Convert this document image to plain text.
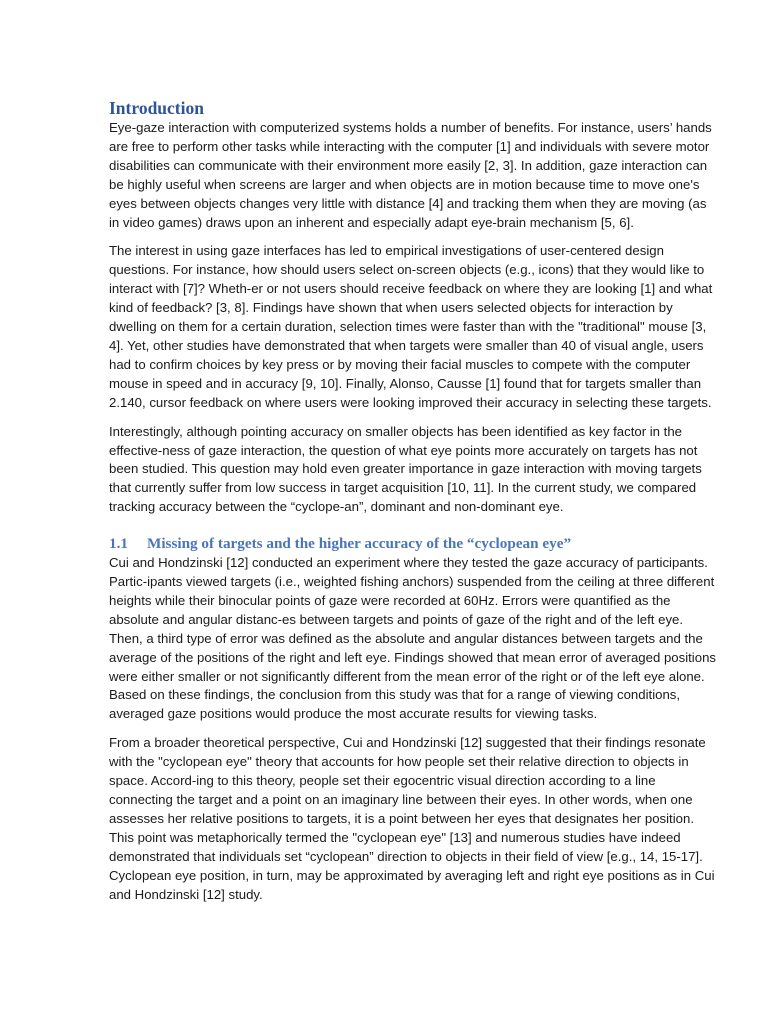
Introduction

Eye-gaze interaction with computerized systems holds a number of benefits. For instance, users’ hands are free to perform other tasks while interacting with the computer [1] and individuals with severe motor disabilities can communicate with their environment more easily [2, 3]. In addition, gaze interaction can be highly useful when screens are larger and when objects are in motion because time to move one's eyes between objects changes very little with distance [4] and tracking them when they are moving (as in video games) draws upon an inherent and especially adapt eye-brain mechanism [5, 6].

The interest in using gaze interfaces has led to empirical investigations of user-centered design questions. For instance, how should users select on-screen objects (e.g., icons) that they would like to interact with [7]? Wheth-er or not users should receive feedback on where they are looking [1] and what kind of feedback? [3, 8]. Findings have shown that when users selected objects for interaction by dwelling on them for a certain duration, selection times were faster than with the "traditional" mouse [3, 4]. Yet, other studies have demonstrated that when targets were smaller than 40 of visual angle, users had to confirm choices by key press or by moving their facial muscles to compete with the computer mouse in speed and in accuracy [9, 10]. Finally, Alonso, Causse [1] found that for targets smaller than 2.140, cursor feedback on where users were looking improved their accuracy in selecting these targets.

Interestingly, although pointing accuracy on smaller objects has been identified as key factor in the effective-ness of gaze interaction, the question of what eye points more accurately on targets has not been studied. This question may hold even greater importance in gaze interaction with moving targets that currently suffer from low success in target acquisition [10, 11]. In the current study, we compared tracking accuracy between the “cyclope-an”, dominant and non-dominant eye.

1.1 Missing of targets and the higher accuracy of the “cyclopean eye”

Cui and Hondzinski [12] conducted an experiment where they tested the gaze accuracy of participants. Partic-ipants viewed targets (i.e., weighted fishing anchors) suspended from the ceiling at three different heights while their binocular points of gaze were recorded at 60Hz. Errors were quantified as the absolute and angular distanc-es between targets and points of gaze of the right and of the left eye. Then, a third type of error was defined as the absolute and angular distances between targets and the average of the positions of the right and left eye. Findings showed that mean error of averaged positions were either smaller or not significantly different from the mean error of the right or of the left eye alone. Based on these findings, the conclusion from this study was that for a range of viewing conditions, averaged gaze positions would produce the most accurate results for viewing tasks.

From a broader theoretical perspective, Cui and Hondzinski [12] suggested that their findings resonate with the "cyclopean eye" theory that accounts for how people set their relative direction to objects in space. Accord-ing to this theory, people set their egocentric visual direction according to a line connecting the target and a point on an imaginary line between their eyes. In other words, when one assesses her relative positions to targets, it is a point between her eyes that designates her position. This point was metaphorically termed the "cyclopean eye" [13] and numerous studies have indeed demonstrated that individuals set “cyclopean” direction to objects in their field of view [e.g., 14, 15-17]. Cyclopean eye position, in turn, may be approximated by averaging left and right eye positions as in Cui and Hondzinski [12] study.
